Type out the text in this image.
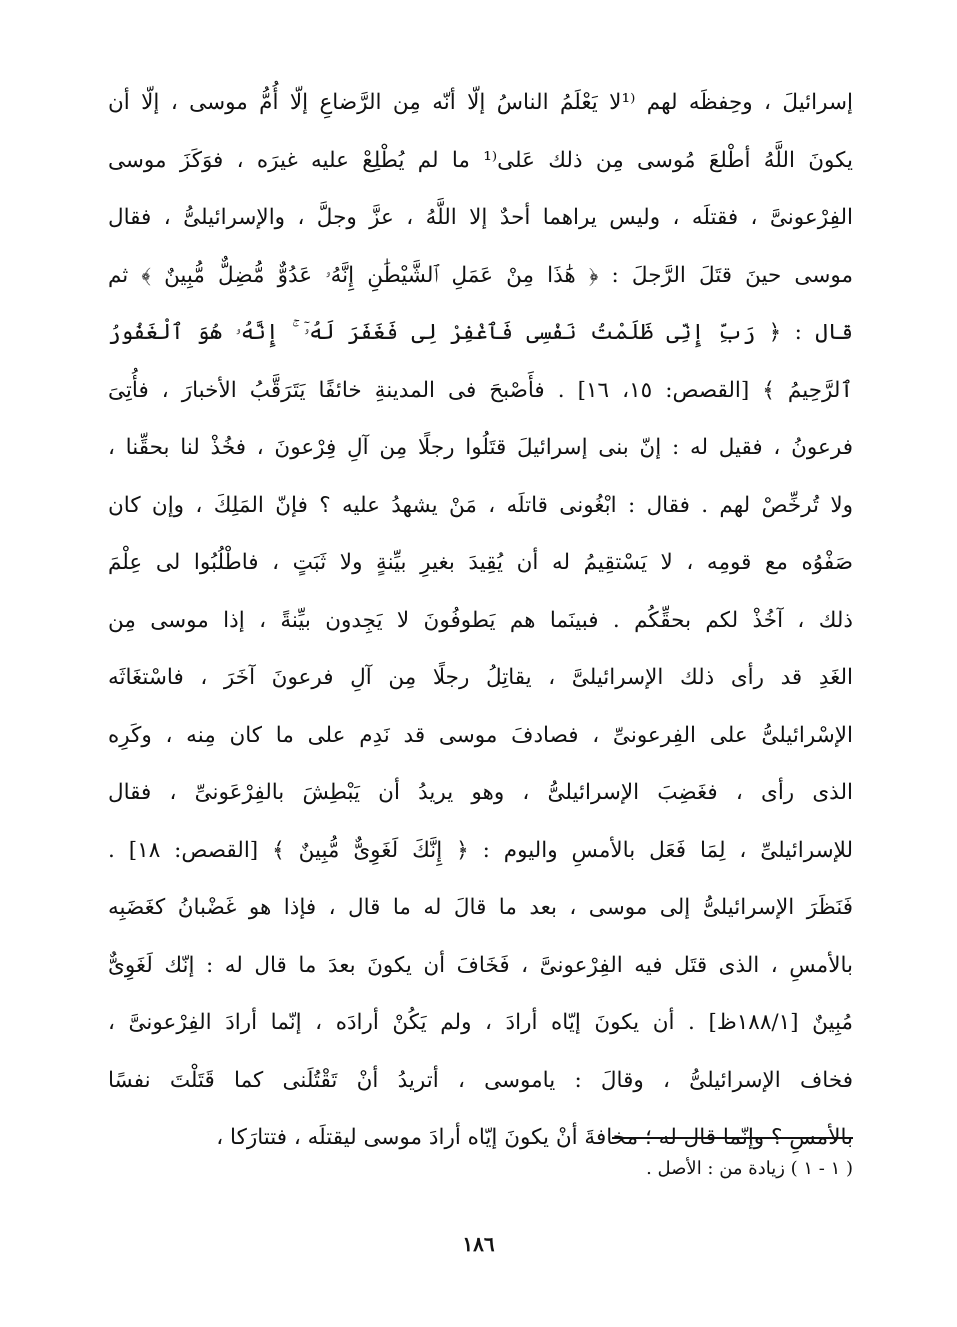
إسرائيلَ ، وحِفظَه لهم ⁽¹لا يَعْلَمُ الناسُ إلّا أنّه مِن الرَّضاعِ إلّا أُمُّ موسى ، إلّا أن
يكونَ اللَّهُ أطْلعَ مُوسى مِن ذلك عَلى⁽¹ ما لم يُطْلِعْ عليه غيرَه ، فوَكَزَ موسى
الفِرْعونىَّ ، فقتلَه ، وليس يراهما أحدٌ إلا اللَّهُ ، عزَّ وجلَّ ، والإسرائيلىُّ ، فقال
موسى حينَ قتَلَ الرَّجلَ : ﴿ هَٰذَا مِنْ عَمَلِ ٱلشَّيْطَٰنِ إِنَّهُۥ عَدُوٌّ مُّضِلٌّ مُّبِينٌ ﴾ ثم
قال : ﴿ رَبِّ إِنِّى ظَلَمْتُ نَفْسِى فَٱغْفِرْ لِى فَغَفَرَ لَهُۥٓ ۚ إِنَّهُۥ هُوَ ٱلْغَفُورُ
ٱلرَّحِيمُ ﴾ [القصص: ١٥، ١٦] . فأَصْبحَ فى المدينةِ خائفًا يَتَرَقَّبُ الأخبارَ ، فأُتِىَ
فرعونُ ، فقيل له : إنّ بنى إسرائيلَ قتَلُوا رجلًا مِن آلِ فِرْعونَ ، فخُذْ لنا بحقِّنا ،
ولا تُرخِّصْ لهم . فقال : ابْغُونى قاتلَه ، مَنْ يشهدُ عليه ؟ فإنّ المَلِكَ ، وإن كان
صَفْوُه مع قومِه ، لا يَسْتقِيمُ له أن يُقِيدَ بغيرِ بيِّنةٍ ولا ثَبَتٍ ، فاطْلُبُوا لى عِلْمَ
ذلك ، آخُذْ لكم بحقِّكُم . فبينَما هم يَطوفُونَ لا يَجِدون بيِّنةً ، إذا موسى مِن
الغَدِ قد رأى ذلك الإسرائيلىَّ ، يقاتِلُ رجلًا مِن آلِ فرعونَ آخَرَ ، فاسْتغَاثَه
الإسْرائيلىُّ على الفِرعونىِّ ، فصادفَ موسى قد نَدِم على ما كان مِنه ، وكَرِه
الذى رأى ، فغَضِبَ الإسرائيلىُّ ، وهو يريدُ أن يَبْطِشَ بالفِرْعَونىِّ ، فقال
للإسرائيلىِّ ، لِمَا فَعَل بالأمسِ واليوم : ﴿ إِنَّكَ لَغَوِىٌّ مُّبِينٌ ﴾ [القصص: ١٨] .
فَنَظَرَ الإسرائيلىُّ إلى موسى ، بعد ما قالَ له ما قال ، فإذا هو غَضْبانُ كغَضَبِه
بالأمسِ ، الذى قتَل فيه الفِرْعونىَّ ، فَخَافَ أن يكونَ بعدَ ما قال له : إنّك لَغَوِىٌّ
مُبِينٌ [١٨٨/١ظ] . أن يكونَ إيّاه أرادَ ، ولم يَكُنْ أرادَه ، إنّما أرادَ الفِرْعونىَّ ،
فخاف الإسرائيلىُّ ، وقالَ : ياموسى ، أتريدُ أنْ تَقْتُلَنى كما قَتَلْتَ نفسًا
بالأمسِ ؟ وإنّما قال له ؛ مخافةَ أنْ يكونَ إيّاه أرادَ موسى ليقتلَه ، فتتارَكا ،
( ١ - ١ ) زيادة من : الأصل .
١٨٦
